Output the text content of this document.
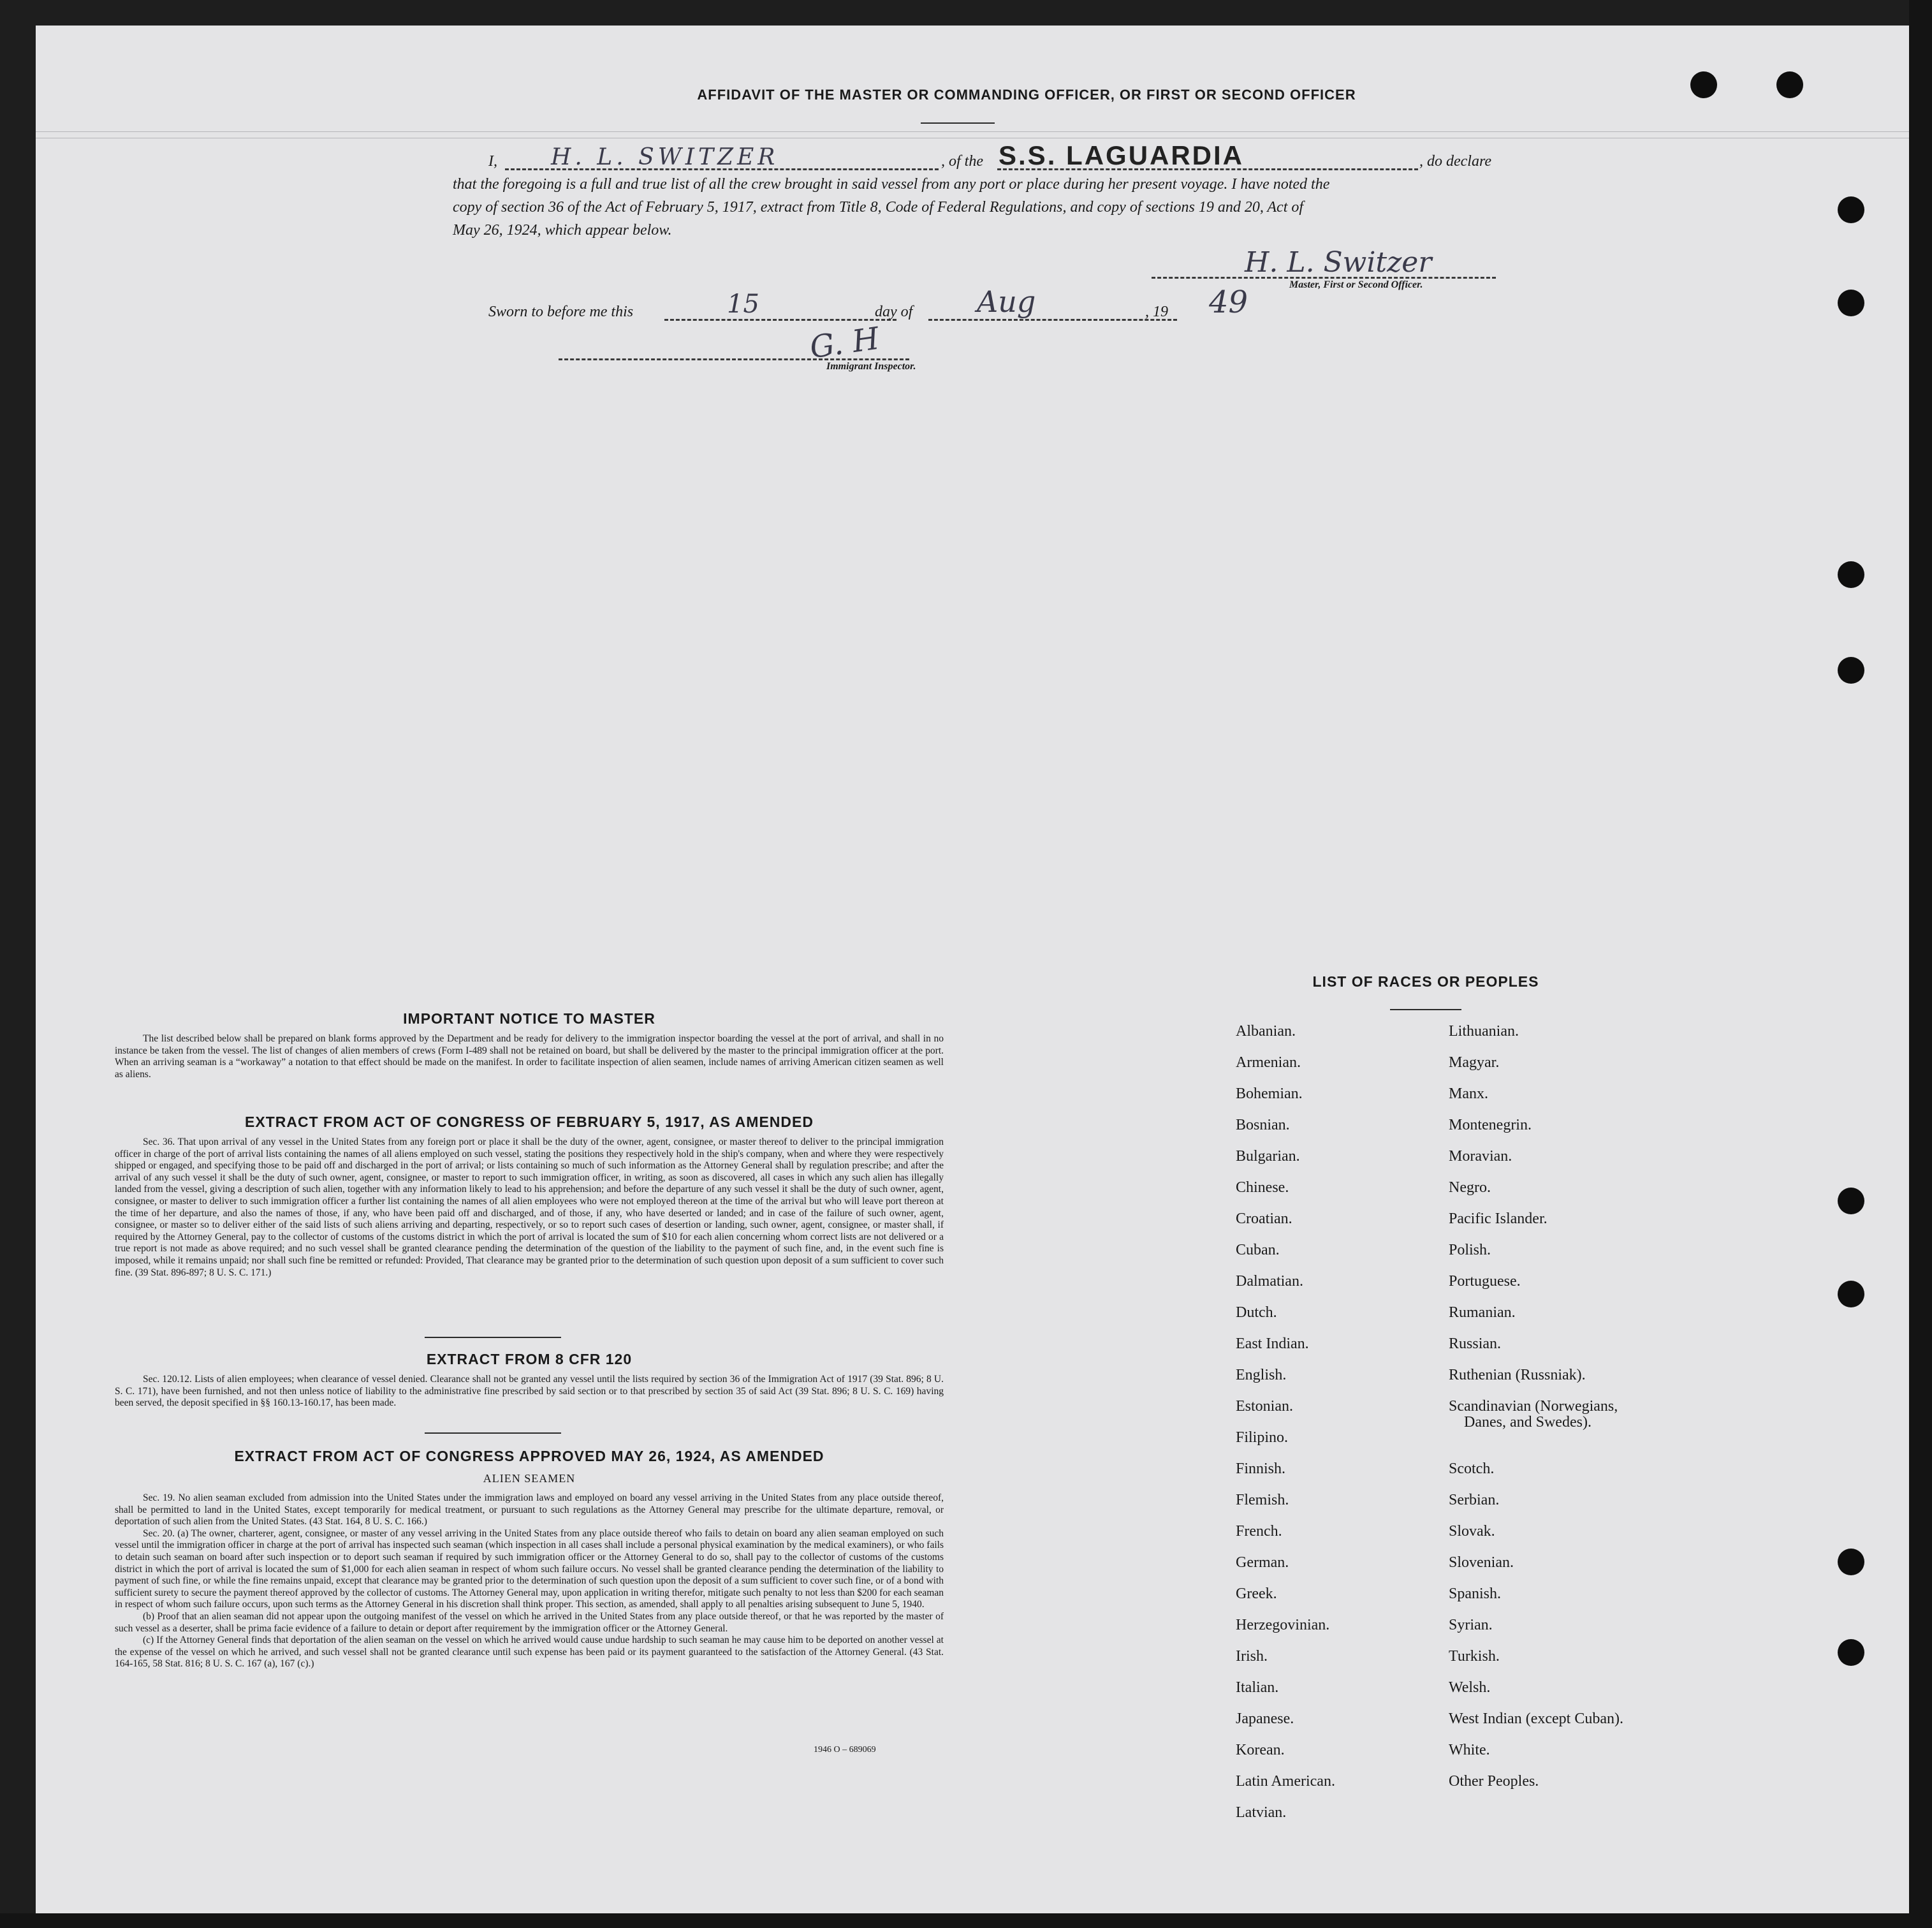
AFFIDAVIT OF THE MASTER OR COMMANDING OFFICER, OR FIRST OR SECOND OFFICER
I, H. L. SWITZER	, of the S.S. LAGUARDIA	, do declare
that the foregoing is a full and true list of all the crew brought in said vessel from any port or place during her present voyage. I have noted the
copy of section 36 of the Act of February 5, 1917, extract from Title 8, Code of Federal Regulations, and copy of sections 19 and 20, Act of
May 26, 1924, which appear below.
H. L. Switzer
Master, First or Second Officer.
Sworn to before me this	15	day of Aug	, 19 49
G. H
Immigrant Inspector.
IMPORTANT NOTICE TO MASTER

The list described below shall be prepared on blank forms approved by the Department and be ready for delivery to the immigration inspector boarding the vessel at the port of arrival, and shall in no instance be taken from the vessel. The list of changes of alien members of crews (Form I-489 shall not be retained on board, but shall be delivered by the master to the principal immigration officer at the port. When an arriving seaman is a “workaway” a notation to that effect should be made on the manifest. In order to facilitate inspection of alien seamen, include names of arriving American citizen seamen as well as aliens.

EXTRACT FROM ACT OF CONGRESS OF FEBRUARY 5, 1917, AS AMENDED

Sec. 36. That upon arrival of any vessel in the United States from any foreign port or place it shall be the duty of the owner, agent, consignee, or master thereof to deliver to the principal immigration officer in charge of the port of arrival lists containing the names of all aliens employed on such vessel, stating the positions they respectively hold in the ship's company, when and where they were respectively shipped or engaged, and specifying those to be paid off and discharged in the port of arrival; or lists containing so much of such information as the Attorney General shall by regulation prescribe; and after the arrival of any such vessel it shall be the duty of such owner, agent, consignee, or master to report to such immigration officer, in writing, as soon as discovered, all cases in which any such alien has illegally landed from the vessel, giving a description of such alien, together with any information likely to lead to his apprehension; and before the departure of any such vessel it shall be the duty of such owner, agent, consignee, or master to deliver to such immigration officer a further list containing the names of all alien employees who were not employed thereon at the time of the arrival but who will leave port thereon at the time of her departure, and also the names of those, if any, who have been paid off and discharged, and of those, if any, who have deserted or landed; and in case of the failure of such owner, agent, consignee, or master so to deliver either of the said lists of such aliens arriving and departing, respectively, or so to report such cases of desertion or landing, such owner, agent, consignee, or master shall, if required by the Attorney General, pay to the collector of customs of the customs district in which the port of arrival is located the sum of $10 for each alien concerning whom correct lists are not delivered or a true report is not made as above required; and no such vessel shall be granted clearance pending the determination of the question of the liability to the payment of such fine, and, in the event such fine is imposed, while it remains unpaid; nor shall such fine be remitted or refunded: Provided, That clearance may be granted prior to the determination of such question upon deposit of a sum sufficient to cover such fine. (39 Stat. 896-897; 8 U. S. C. 171.)

EXTRACT FROM 8 CFR 120

Sec. 120.12. Lists of alien employees; when clearance of vessel denied. Clearance shall not be granted any vessel until the lists required by section 36 of the Immigration Act of 1917 (39 Stat. 896; 8 U. S. C. 171), have been furnished, and not then unless notice of liability to the administrative fine prescribed by said section or to that prescribed by section 35 of said Act (39 Stat. 896; 8 U. S. C. 169) having been served, the deposit specified in §§ 160.13-160.17, has been made.

EXTRACT FROM ACT OF CONGRESS APPROVED MAY 26, 1924, AS AMENDED
ALIEN SEAMEN

Sec. 19. No alien seaman excluded from admission into the United States under the immigration laws and employed on board any vessel arriving in the United States from any place outside thereof, shall be permitted to land in the United States, except temporarily for medical treatment, or pursuant to such regulations as the Attorney General may prescribe for the ultimate departure, removal, or deportation of such alien from the United States. (43 Stat. 164, 8 U. S. C. 166.)

Sec. 20. (a) The owner, charterer, agent, consignee, or master of any vessel arriving in the United States from any place outside thereof who fails to detain on board any alien seaman employed on such vessel until the immigration officer in charge at the port of arrival has inspected such seaman (which inspection in all cases shall include a personal physical examination by the medical examiners), or who fails to detain such seaman on board after such inspection or to deport such seaman if required by such immigration officer or the Attorney General to do so, shall pay to the collector of customs of the customs district in which the port of arrival is located the sum of $1,000 for each alien seaman in respect of whom such failure occurs. No vessel shall be granted clearance pending the determination of the liability to payment of such fine, or while the fine remains unpaid, except that clearance may be granted prior to the determination of such question upon the deposit of a sum sufficient to cover such fine, or of a bond with sufficient surety to secure the payment thereof approved by the collector of customs. The Attorney General may, upon application in writing therefor, mitigate such penalty to not less than $200 for each seaman in respect of whom such failure occurs, upon such terms as the Attorney General in his discretion shall think proper. This section, as amended, shall apply to all penalties arising subsequent to June 5, 1940.

(b) Proof that an alien seaman did not appear upon the outgoing manifest of the vessel on which he arrived in the United States from any place outside thereof, or that he was reported by the master of such vessel as a deserter, shall be prima facie evidence of a failure to detain or deport after requirement by the immigration officer or the Attorney General.

(c) If the Attorney General finds that deportation of the alien seaman on the vessel on which he arrived would cause undue hardship to such seaman he may cause him to be deported on another vessel at the expense of the vessel on which he arrived, and such vessel shall not be granted clearance until such expense has been paid or its payment guaranteed to the satisfaction of the Attorney General. (43 Stat. 164-165, 58 Stat. 816; 8 U. S. C. 167 (a), 167 (c).)

1946 O – 689069
LIST OF RACES OR PEOPLES
Albanian.
Armenian.
Bohemian.
Bosnian.
Bulgarian.
Chinese.
Croatian.
Cuban.
Dalmatian.
Dutch.
East Indian.
English.
Estonian.
Filipino.
Finnish.
Flemish.
French.
German.
Greek.
Herzegovinian.
Irish.
Italian.
Japanese.
Korean.
Latin American.
Latvian.
Lithuanian.
Magyar.
Manx.
Montenegrin.
Moravian.
Negro.
Pacific Islander.
Polish.
Portuguese.
Rumanian.
Russian.
Ruthenian (Russniak).
Scandinavian (Norwegians,
Danes, and Swedes).
Scotch.
Serbian.
Slovak.
Slovenian.
Spanish.
Syrian.
Turkish.
Welsh.
West Indian (except Cuban).
White.
Other Peoples.
